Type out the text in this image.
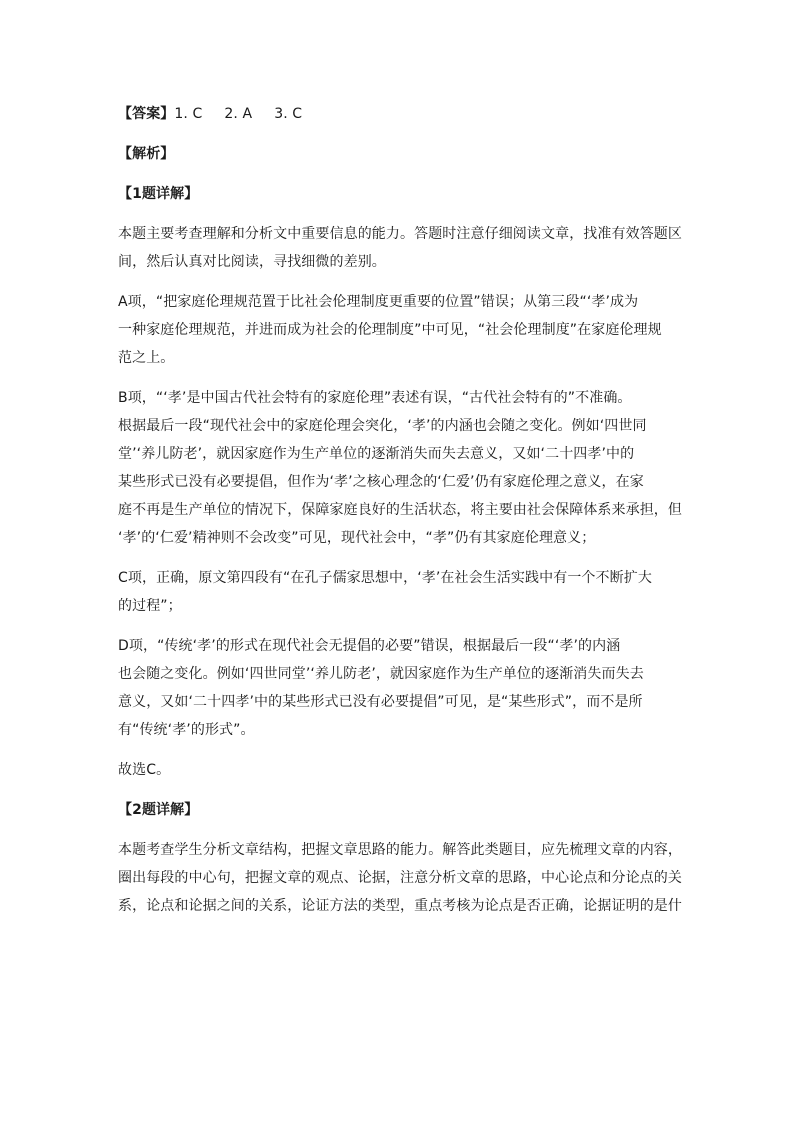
【答案】1. C 2. A 3. C
【解析】
【1题详解】
本题主要考查理解和分析文中重要信息的能力。答题时注意仔细阅读文章，找准有效答题区
间，然后认真对比阅读，寻找细微的差别。
A项，“把家庭伦理规范置于比社会伦理制度更重要的位置”错误；从第三段“‘孝’成为
一种家庭伦理规范，并进而成为社会的伦理制度”中可见，“社会伦理制度”在家庭伦理规
范之上。
B项，“‘孝’是中国古代社会特有的家庭伦理”表述有误，“古代社会特有的”不准确。
根据最后一段“现代社会中的家庭伦理会突化，‘孝’的内涵也会随之变化。例如‘四世同
堂’‘养儿防老’，就因家庭作为生产单位的逐渐消失而失去意义，又如‘二十四孝’中的
某些形式已没有必要提倡，但作为‘孝’之核心理念的‘仁爱’仍有家庭伦理之意义，在家
庭不再是生产单位的情况下，保障家庭良好的生活状态，将主要由社会保障体系来承担，但
‘孝’的‘仁爱’精神则不会改变”可见，现代社会中，“孝”仍有其家庭伦理意义；
C项，正确，原文第四段有“在孔子儒家思想中，‘孝’在社会生活实践中有一个不断扩大
的过程”；
D项，“传统‘孝’的形式在现代社会无提倡的必要”错误，根据最后一段“‘孝’的内涵
也会随之变化。例如‘四世同堂’‘养儿防老’，就因家庭作为生产单位的逐渐消失而失去
意义，又如‘二十四孝’中的某些形式已没有必要提倡”可见，是“某些形式”，而不是所
有“传统‘孝’的形式”。
故选C。
【2题详解】
本题考查学生分析文章结构，把握文章思路的能力。解答此类题目，应先梳理文章的内容，
圈出每段的中心句，把握文章的观点、论据，注意分析文章的思路，中心论点和分论点的关
系，论点和论据之间的关系，论证方法的类型，重点考核为论点是否正确，论据证明的是什
